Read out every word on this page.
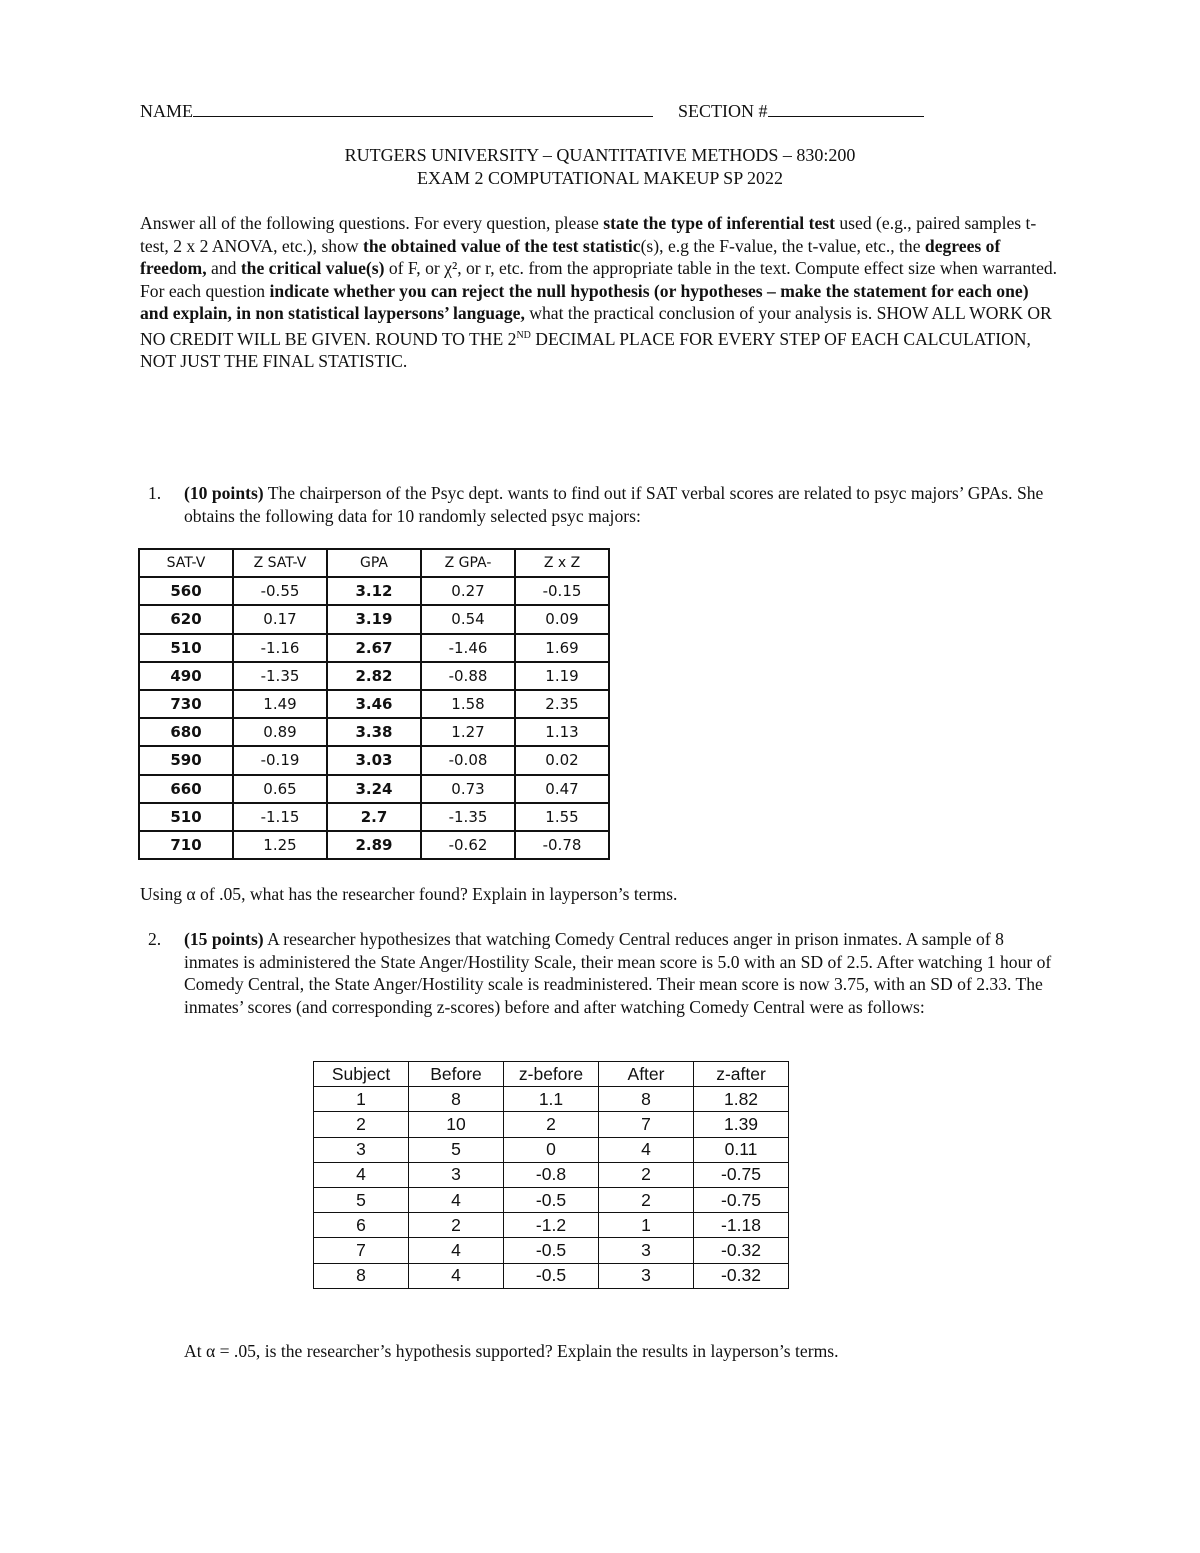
NAME	SECTION #
RUTGERS UNIVERSITY – QUANTITATIVE METHODS – 830:200
EXAM 2 COMPUTATIONAL MAKEUP SP 2022
Answer all of the following questions. For every question, please state the type of inferential test used (e.g., paired samples t-test, 2 x 2 ANOVA, etc.), show the obtained value of the test statistic(s), e.g the F-value, the t-value, etc., the degrees of freedom, and the critical value(s) of F, or χ², or r, etc. from the appropriate table in the text. Compute effect size when warranted. For each question indicate whether you can reject the null hypothesis (or hypotheses – make the statement for each one) and explain, in non statistical laypersons’ language, what the practical conclusion of your analysis is. SHOW ALL WORK OR NO CREDIT WILL BE GIVEN. ROUND TO THE 2ND DECIMAL PLACE FOR EVERY STEP OF EACH CALCULATION, NOT JUST THE FINAL STATISTIC.
1. (10 points) The chairperson of the Psyc dept. wants to find out if SAT verbal scores are related to psyc majors’ GPAs. She obtains the following data for 10 randomly selected psyc majors:
SAT-V	Z SAT-V	GPA	Z GPA-	Z x Z
560	-0.55	3.12	0.27	-0.15
620	0.17	3.19	0.54	0.09
510	-1.16	2.67	-1.46	1.69
490	-1.35	2.82	-0.88	1.19
730	1.49	3.46	1.58	2.35
680	0.89	3.38	1.27	1.13
590	-0.19	3.03	-0.08	0.02
660	0.65	3.24	0.73	0.47
510	-1.15	2.7	-1.35	1.55
710	1.25	2.89	-0.62	-0.78
Using α of .05, what has the researcher found? Explain in layperson’s terms.
2. (15 points) A researcher hypothesizes that watching Comedy Central reduces anger in prison inmates. A sample of 8 inmates is administered the State Anger/Hostility Scale, their mean score is 5.0 with an SD of 2.5. After watching 1 hour of Comedy Central, the State Anger/Hostility scale is readministered. Their mean score is now 3.75, with an SD of 2.33. The inmates’ scores (and corresponding z-scores) before and after watching Comedy Central were as follows:
Subject	Before	z-before	After	z-after
1	8	1.1	8	1.82
2	10	2	7	1.39
3	5	0	4	0.11
4	3	-0.8	2	-0.75
5	4	-0.5	2	-0.75
6	2	-1.2	1	-1.18
7	4	-0.5	3	-0.32
8	4	-0.5	3	-0.32
At α = .05, is the researcher’s hypothesis supported? Explain the results in layperson’s terms.
